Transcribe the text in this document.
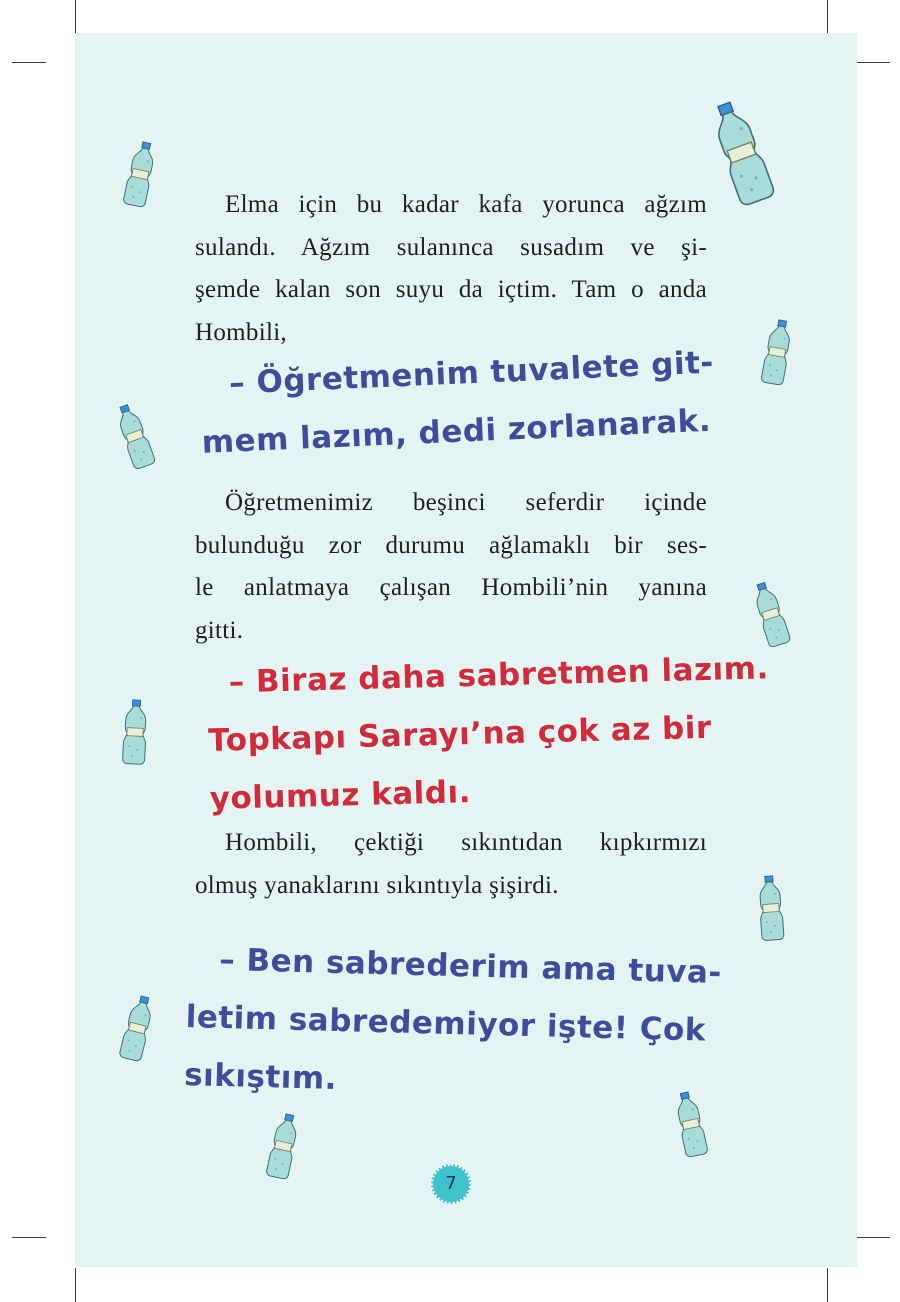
Elma için bu kadar kafa yorunca ağzım
sulandı. Ağzım sulanınca susadım ve şi-
şemde kalan son suyu da içtim. Tam o anda
Hombili,

– Öğretmenim tuvalete git-
mem lazım, dedi zorlanarak.

Öğretmenimiz beşinci seferdir içinde
bulunduğu zor durumu ağlamaklı bir ses-
le anlatmaya çalışan Hombili’nin yanına
gitti.

– Biraz daha sabretmen lazım.
Topkapı Sarayı’na çok az bir
yolumuz kaldı.

Hombili, çektiği sıkıntıdan kıpkırmızı
olmuş yanaklarını sıkıntıyla şişirdi.

– Ben sabrederim ama tuva-
letim sabredemiyor işte! Çok
sıkıştım.
7
